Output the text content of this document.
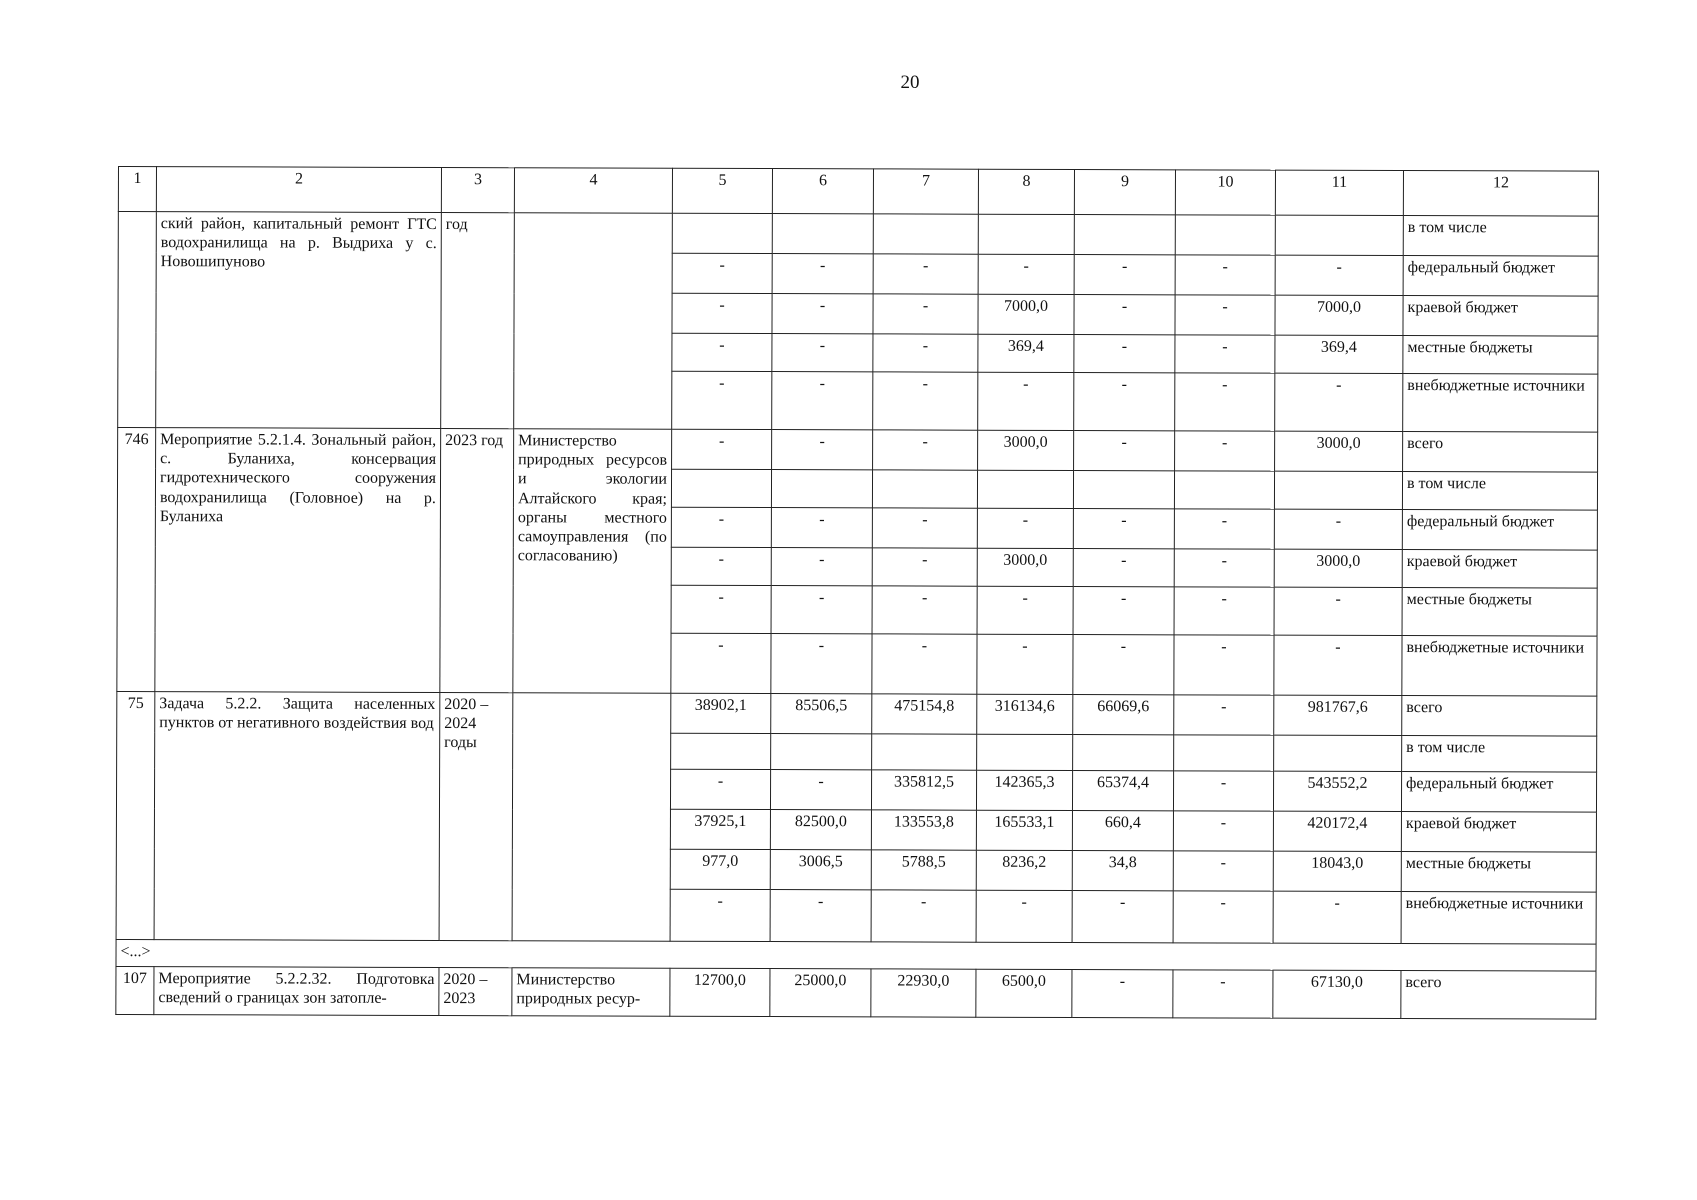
20
1	2	3	4	5	6	7	8	9	10	11	12
	ский район, капитальный ремонт ГТС водохранилища на р. Выдриха у с. Новошипуново	год									в том числе
				-	-	-	-	-	-	-	федеральный бюджет
				-	-	-	7000,0	-	-	7000,0	краевой бюджет
				-	-	-	369,4	-	-	369,4	местные бюджеты
				-	-	-	-	-	-	-	внебюджетные источники
746	Мероприятие 5.2.1.4. Зональный район, с. Буланиха, консервация гидротехнического сооружения водохранилища (Головное) на р. Буланиха	2023 год	Министерство природных ресурсов и экологии Алтайского края; органы местного самоуправления (по согласованию)	-	-	-	3000,0	-	-	3000,0	всего
											в том числе
				-	-	-	-	-	-	-	федеральный бюджет
				-	-	-	3000,0	-	-	3000,0	краевой бюджет
				-	-	-	-	-	-	-	местные бюджеты
				-	-	-	-	-	-	-	внебюджетные источники
75	Задача 5.2.2. Защита населенных пунктов от негативного воздействия вод	2020 – 2024 годы		38902,1	85506,5	475154,8	316134,6	66069,6	-	981767,6	всего
											в том числе
				-	-	335812,5	142365,3	65374,4	-	543552,2	федеральный бюджет
				37925,1	82500,0	133553,8	165533,1	660,4	-	420172,4	краевой бюджет
				977,0	3006,5	5788,5	8236,2	34,8	-	18043,0	местные бюджеты
				-	-	-	-	-	-	-	внебюджетные источники
<...>											
107	Мероприятие 5.2.2.32. Подготовка сведений о границах зон затопле-	2020 – 2023	Министерство природных ресур-	12700,0	25000,0	22930,0	6500,0	-	-	67130,0	всего
